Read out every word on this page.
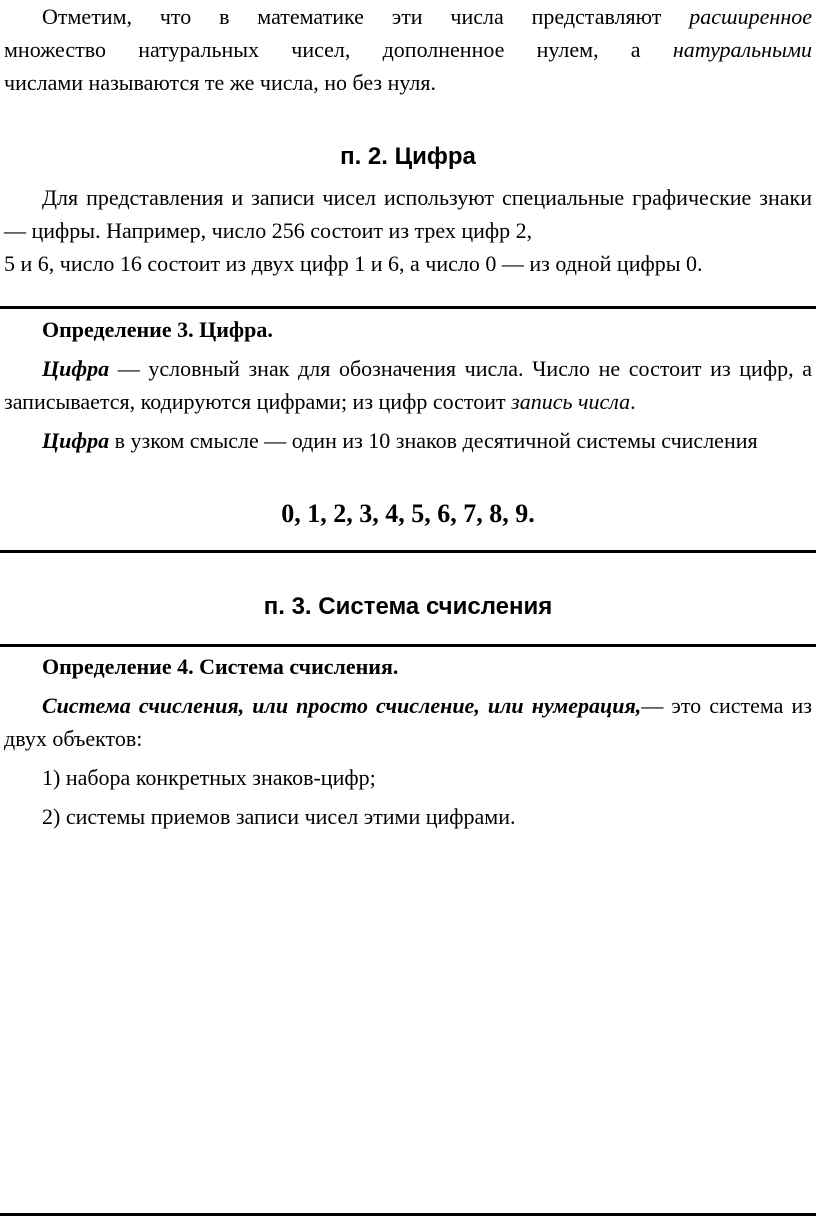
Отметим, что в математике эти числа представляют расширенное

множество натуральных чисел, дополненное нулем, а натуральными

числами называются те же числа, но без нуля.

п. 2. Цифра

Для представления и записи чисел используют специальные графические знаки — цифры. Например, число 256 состоит из трех цифр 2,

5 и 6, число 16 состоит из двух цифр 1 и 6, а число 0 — из одной цифры 0.

Определение 3. Цифра.

Цифра — условный знак для обозначения числа. Число не состоит из цифр, а записывается, кодируются цифрами; из цифр состоит запись числа.

Цифра в узком смысле — один из 10 знаков десятичной системы счисления

0, 1, 2, 3, 4, 5, 6, 7, 8, 9.
п. 3. Система счисления

Определение 4. Система счисления.

Система счисления, или просто счисление, или нумерация,— это система из двух объектов:

1) набора конкретных знаков-цифр;

2) системы приемов записи чисел этими цифрами.
